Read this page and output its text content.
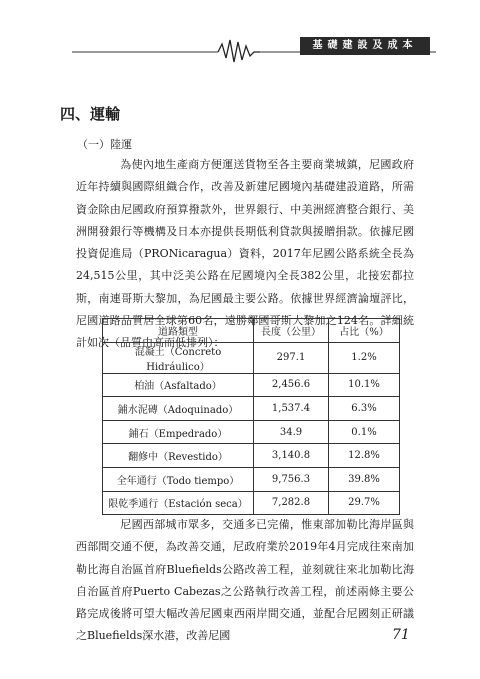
基礎建設及成本
四、運輸
（一）陸運
為使內地生產商方便運送貨物至各主要商業城鎮，尼國政府近年持續與國際組織合作，改善及新建尼國境內基礎建設道路，所需資金除由尼國政府預算撥款外，世界銀行、中美洲經濟整合銀行、美洲開發銀行等機構及日本亦提供長期低利貸款與援贈捐款。依據尼國投資促進局（PRONicaragua）資料，2017年尼國公路系統全長為24,515公里，其中泛美公路在尼國境內全長382公里，北接宏都拉斯，南連哥斯大黎加，為尼國最主要公路。依據世界經濟論壇評比，尼國道路品質居全球第60名，遠勝鄰國哥斯大黎加之124名。詳細統計如次（品質由高而低排列）：
道路類型	長度（公里）	占比（%）
混凝土（Concreto Hidráulico）	297.1	1.2%
柏油（Asfaltado）	2,456.6	10.1%
鋪水泥磚（Adoquinado）	1,537.4	6.3%
鋪石（Empedrado）	34.9	0.1%
翻修中（Revestido）	3,140.8	12.8%
全年通行（Todo tiempo）	9,756.3	39.8%
限乾季通行（Estación seca）	7,282.8	29.7%
尼國西部城市眾多，交通多已完備，惟東部加勒比海岸區與西部間交通不便，為改善交通，尼政府業於2019年4月完成往來南加勒比海自治區首府Bluefields公路改善工程，並刻就往來北加勒比海自治區首府Puerto Cabezas之公路執行改善工程，前述兩條主要公路完成後將可望大幅改善尼國東西兩岸間交通，並配合尼國刻正研議之Bluefields深水港，改善尼國	71
